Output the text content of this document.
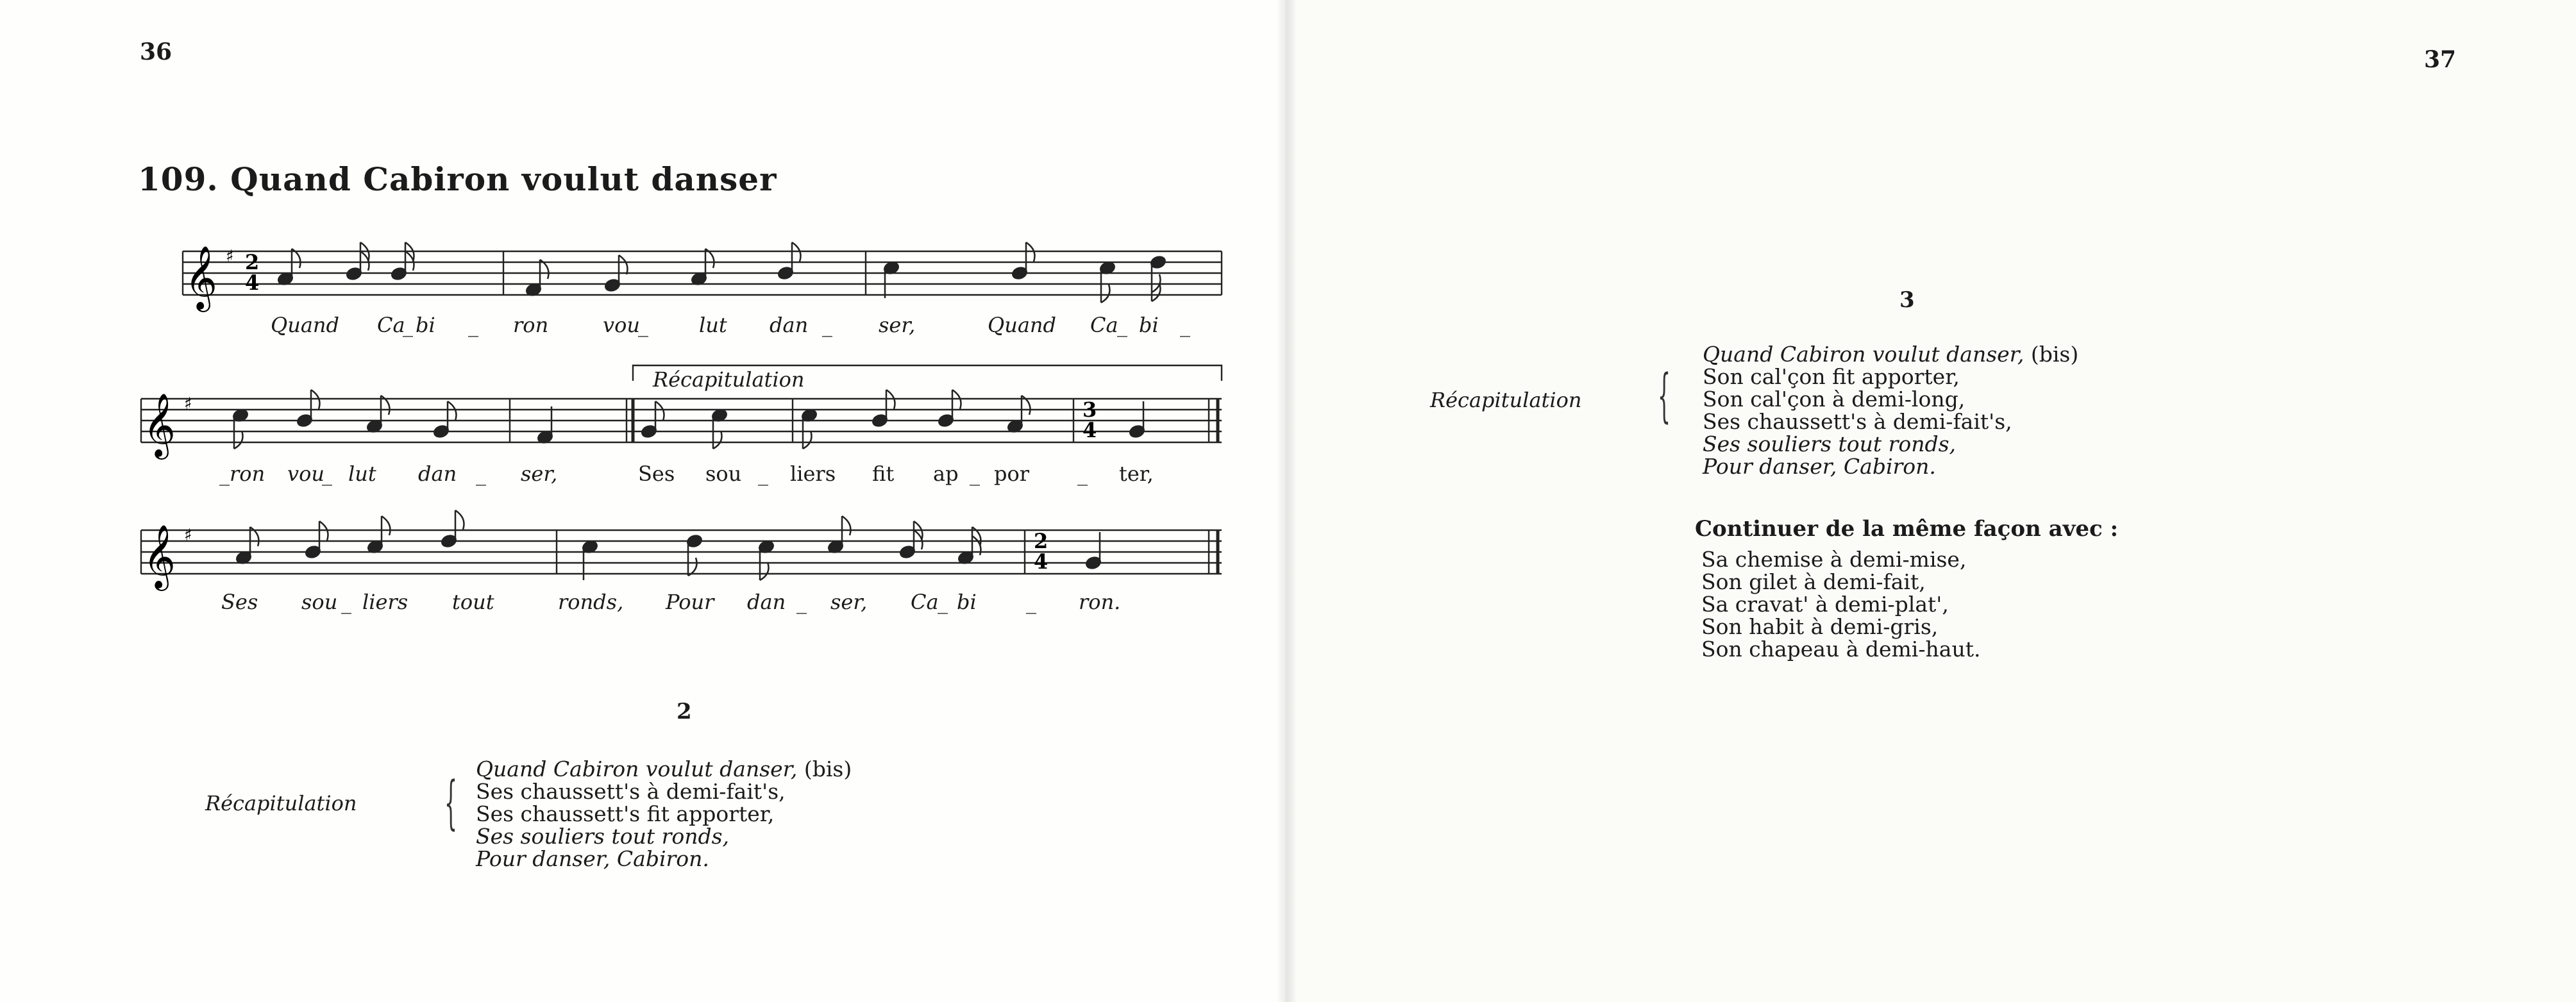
36
109. Quand Cabiron voulut danser
𝄞 ♯ 2
4
𝄞 ♯	3
4
𝄞 ♯	2
4
Quand Ca
_ bi _ ron	vou
_ lut dan _ ser,	Quand Ca
_ bi _
Récapitulation
_ron vou
_ lut dan _ ser,	Ses sou _ liers fit ap _ por _ ter,
Ses sou _ liers tout	ronds, Pour dan _ ser, Ca
_ bi _ ron.
2
Récapitulation {
Quand Cabiron voulut danser, (bis)
Ses chaussett's à demi-fait's,
Ses chaussett's fit apporter,
Ses souliers tout ronds,
Pour danser, Cabiron.
37
3
Récapitulation {
Quand Cabiron voulut danser, (bis)
Son cal'çon fit apporter,
Son cal'çon à demi-long,
Ses chaussett's à demi-fait's,
Ses souliers tout ronds,
Pour danser, Cabiron.
Continuer de la même façon avec :
Sa chemise à demi-mise,
Son gilet à demi-fait,
Sa cravat' à demi-plat',
Son habit à demi-gris,
Son chapeau à demi-haut.
